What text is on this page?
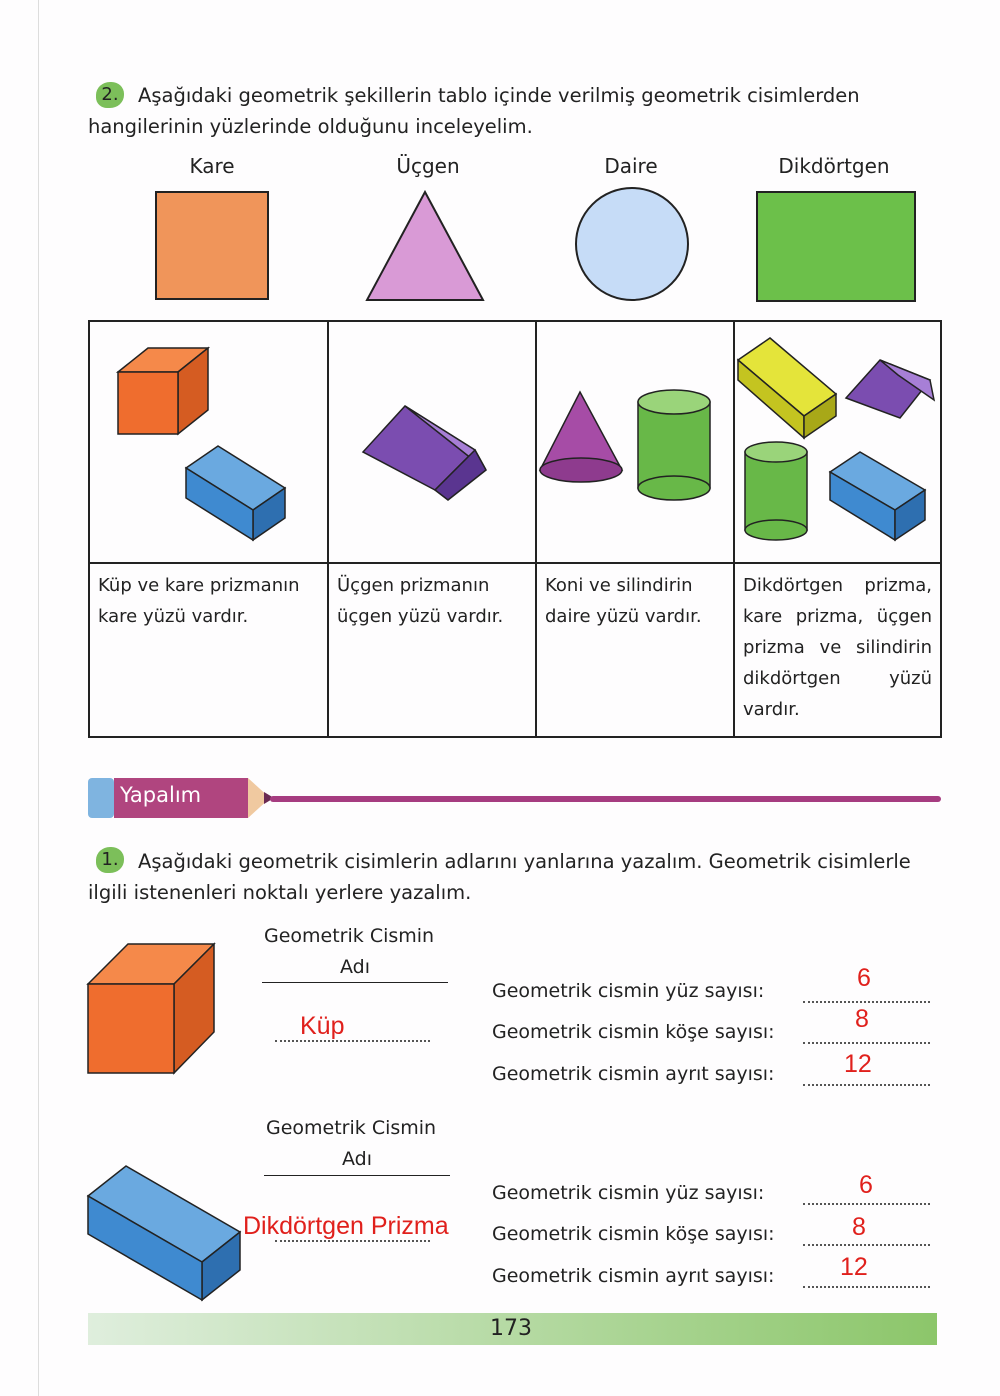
2. Aşağıdaki geometrik şekillerin tablo içinde verilmiş geometrik cisimlerden hangilerinin yüzlerinde olduğunu inceleyelim.
Kare	Üçgen	Daire	Dikdörtgen

Küp ve kare prizmanın kare yüzü vardır.	Üçgen prizmanın üçgen yüzü vardır.	Koni ve silindirin daire yüzü vardır.	Dikdörtgen prizma, kare prizma, üçgen prizma ve silindirin dikdörtgen yüzü vardır.
Yapalım
1. Aşağıdaki geometrik cisimlerin adlarını yanlarına yazalım. Geometrik cisimlerle ilgili istenenleri noktalı yerlere yazalım.
Geometrik Cismin
Adı
Küp
Geometrik cismin yüz sayısı:	6
Geometrik cismin köşe sayısı:	8
Geometrik cismin ayrıt sayısı:	12
Geometrik Cismin
Adı
Dikdörtgen Prizma
Geometrik cismin yüz sayısı:	6
Geometrik cismin köşe sayısı:	8
Geometrik cismin ayrıt sayısı:	12
173
